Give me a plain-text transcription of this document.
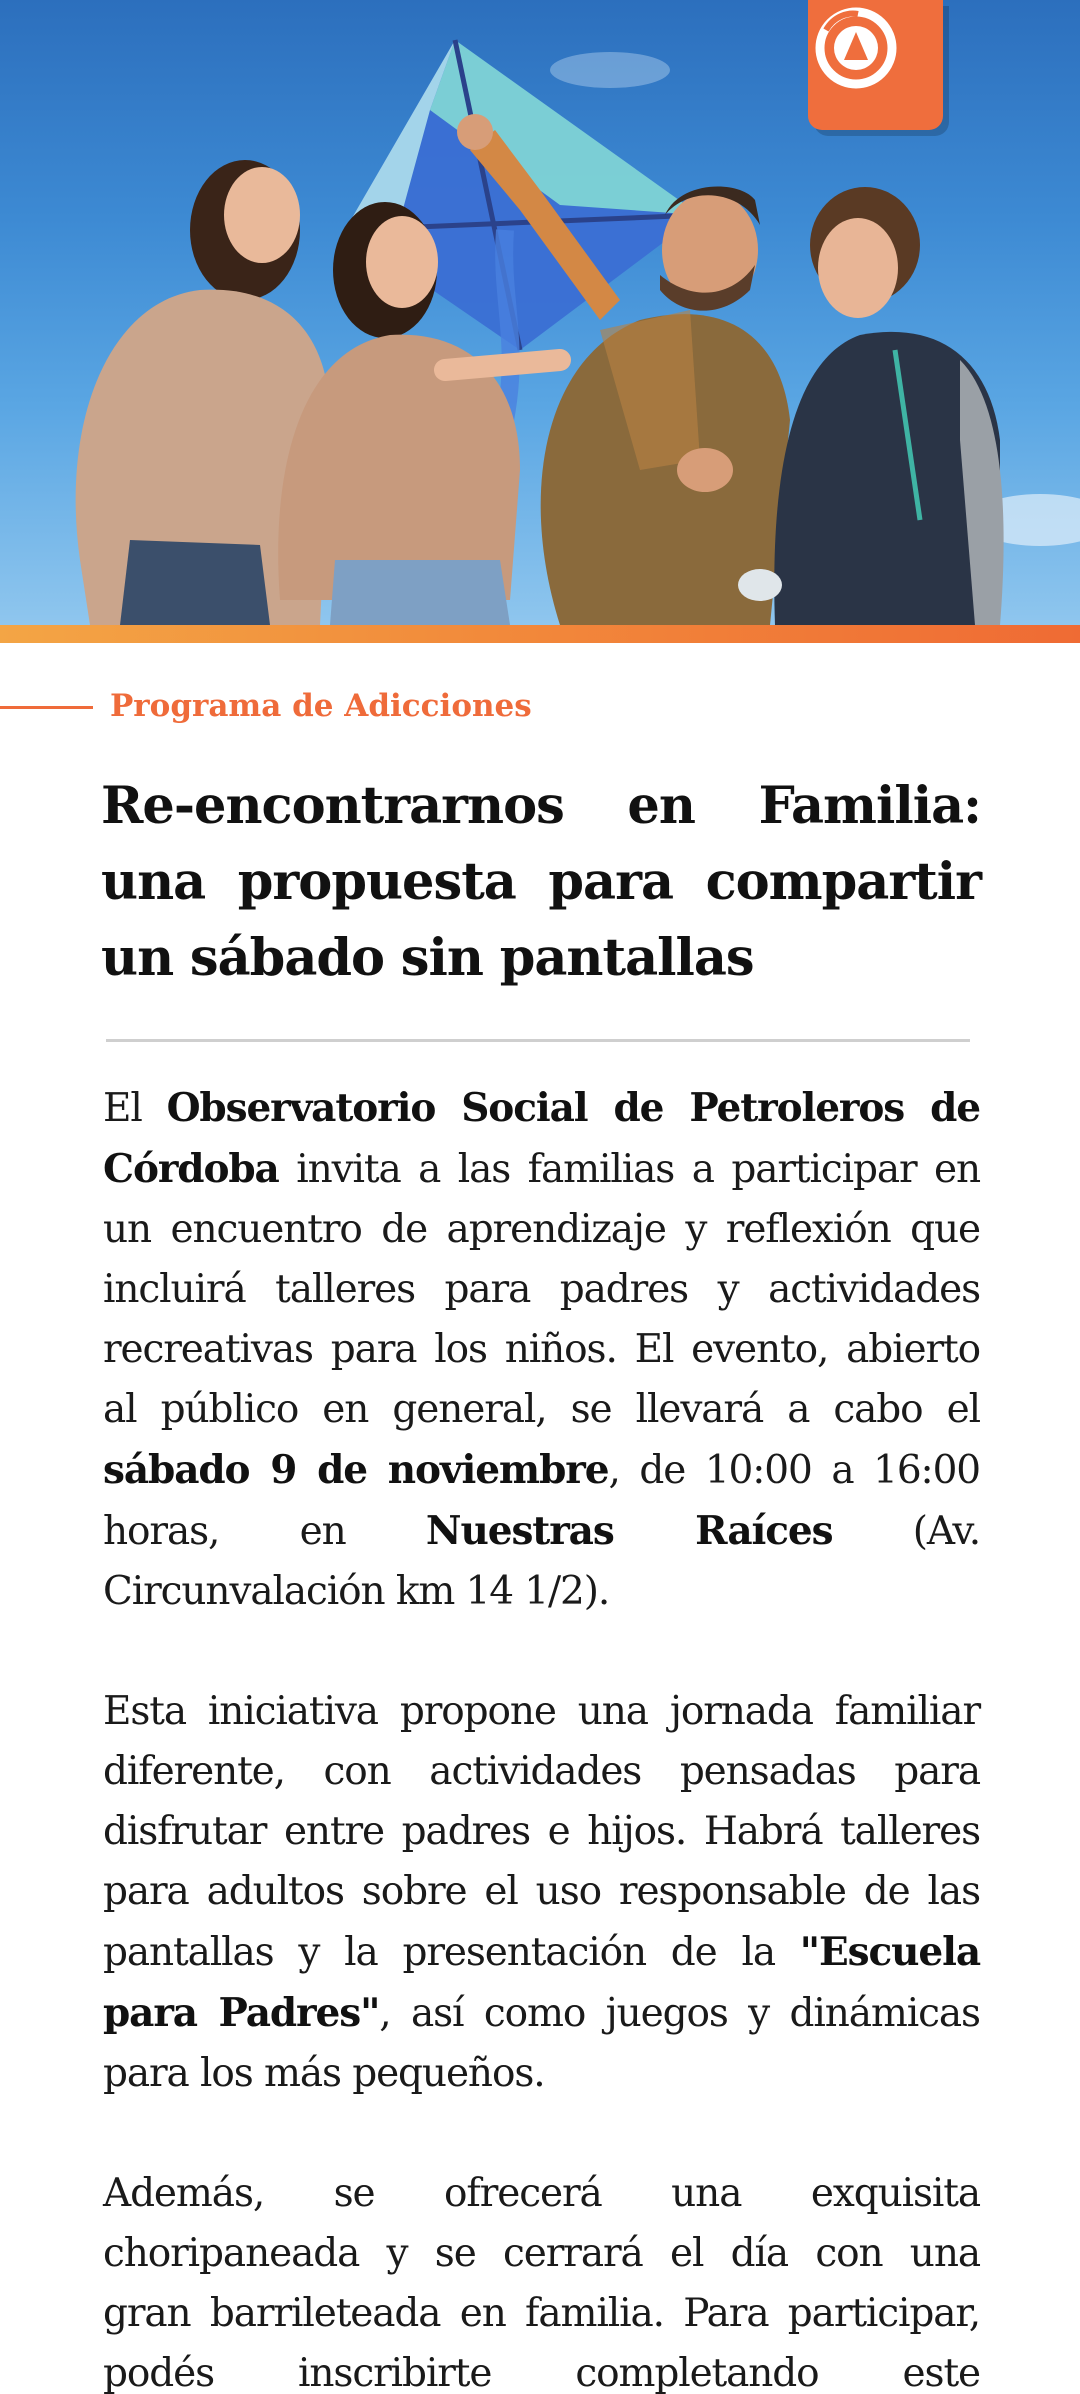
Programa de Adicciones
Re-encontrarnos en Familia:
una propuesta para compartir
un sábado sin pantallas
El Observatorio Social de Petroleros de
Córdoba invita a las familias a participar en
un encuentro de aprendizaje y reflexión que
incluirá talleres para padres y actividades
recreativas para los niños. El evento, abierto
al público en general, se llevará a cabo el
sábado 9 de noviembre, de 10:00 a 16:00
horas, en Nuestras Raíces (Av.
Circunvalación km 14 1/2).
Esta iniciativa propone una jornada familiar
diferente, con actividades pensadas para
disfrutar entre padres e hijos. Habrá talleres
para adultos sobre el uso responsable de las
pantallas y la presentación de la "Escuela
para Padres", así como juegos y dinámicas
para los más pequeños.
Además, se ofrecerá una exquisita
choripaneada y se cerrará el día con una
gran barrileteada en familia. Para participar,
podés inscribirte completando este
